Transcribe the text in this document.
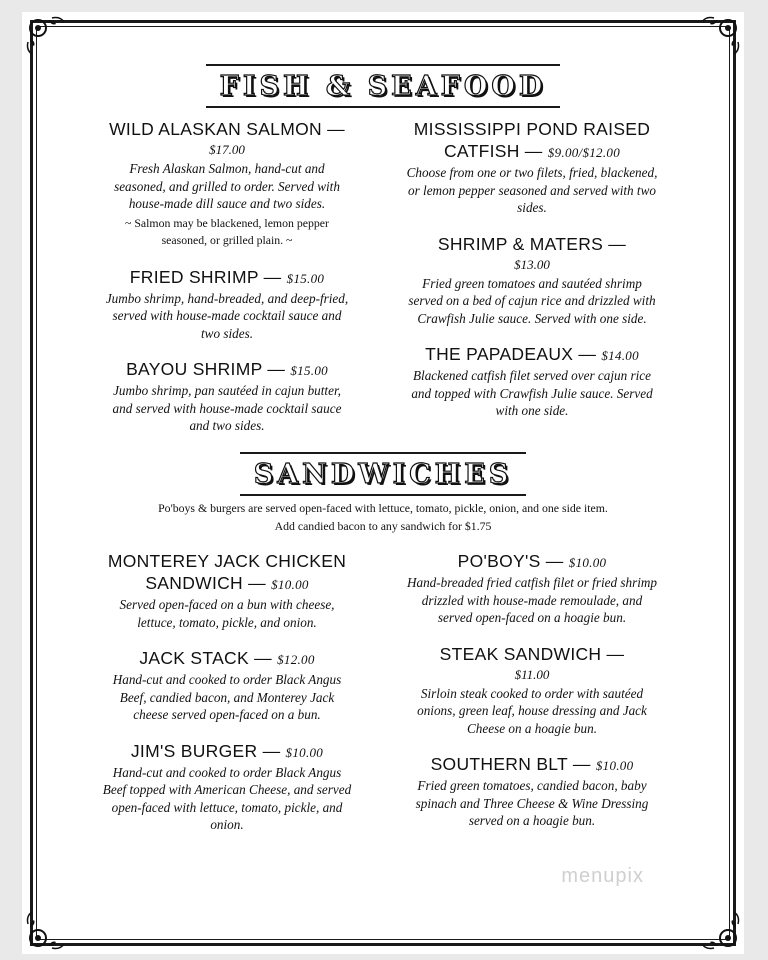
FISH & SEAFOOD
WILD ALASKAN SALMON —
$17.00
Fresh Alaskan Salmon, hand-cut and seasoned, and grilled to order. Served with house-made dill sauce and two sides.
~ Salmon may be blackened, lemon pepper seasoned, or grilled plain. ~
FRIED SHRIMP — $15.00
Jumbo shrimp, hand-breaded, and deep-fried, served with house-made cocktail sauce and two sides.
BAYOU SHRIMP — $15.00
Jumbo shrimp, pan sautéed in cajun butter, and served with house-made cocktail sauce and two sides.
MISSISSIPPI POND RAISED
CATFISH — $9.00/$12.00
Choose from one or two filets, fried, blackened, or lemon pepper seasoned and served with two sides.
SHRIMP & MATERS —
$13.00
Fried green tomatoes and sautéed shrimp served on a bed of cajun rice and drizzled with Crawfish Julie sauce. Served with one side.
THE PAPADEAUX — $14.00
Blackened catfish filet served over cajun rice and topped with Crawfish Julie sauce. Served with one side.
SANDWICHES
Po'boys & burgers are served open-faced with lettuce, tomato, pickle, onion, and one side item.
Add candied bacon to any sandwich for $1.75
MONTEREY JACK CHICKEN
SANDWICH — $10.00
Served open-faced on a bun with cheese, lettuce, tomato, pickle, and onion.
JACK STACK — $12.00
Hand-cut and cooked to order Black Angus Beef, candied bacon, and Monterey Jack cheese served open-faced on a bun.
JIM'S BURGER — $10.00
Hand-cut and cooked to order Black Angus Beef topped with American Cheese, and served open-faced with lettuce, tomato, pickle, and onion.
PO'BOY'S — $10.00
Hand-breaded fried catfish filet or fried shrimp drizzled with house-made remoulade, and served open-faced on a hoagie bun.
STEAK SANDWICH —
$11.00
Sirloin steak cooked to order with sautéed onions, green leaf, house dressing and Jack Cheese on a hoagie bun.
SOUTHERN BLT — $10.00
Fried green tomatoes, candied bacon, baby spinach and Three Cheese & Wine Dressing served on a hoagie bun.
menupix
